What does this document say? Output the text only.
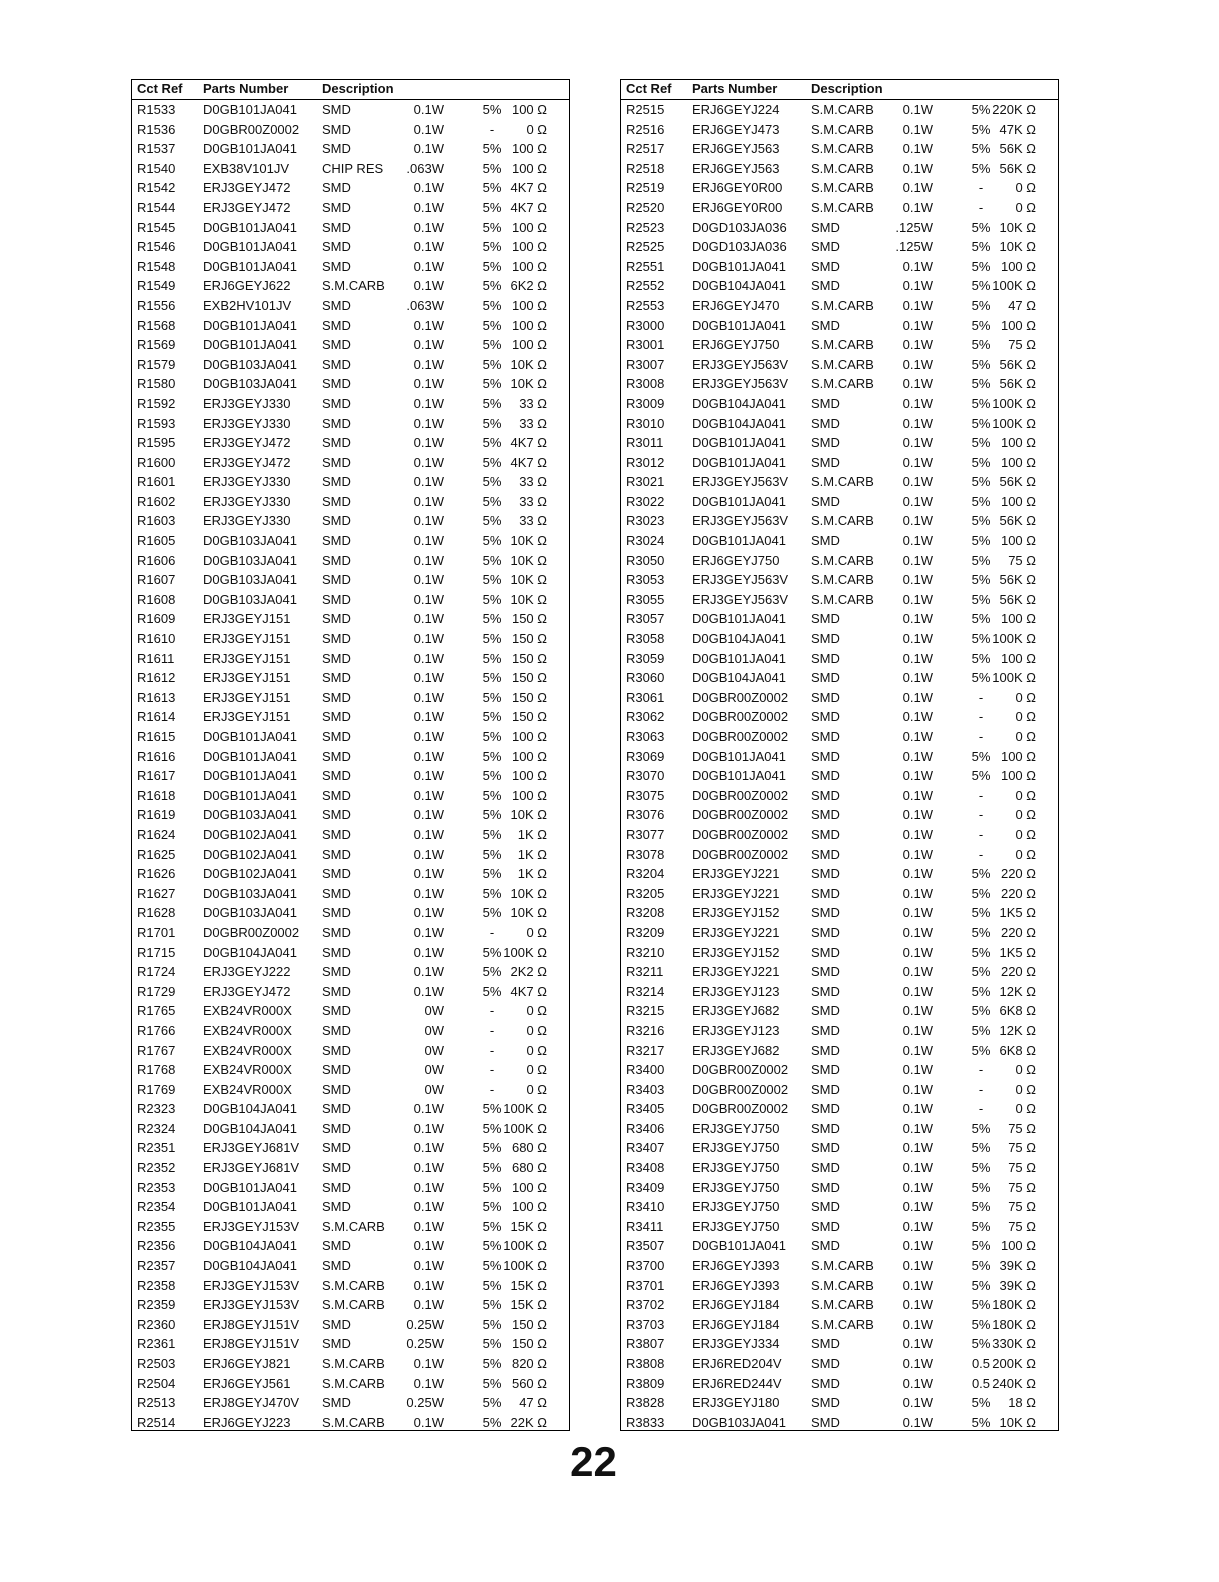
Cct Ref Parts Number	Description
R1533 D0GB101JA041 SMD	0.1W	5% 100 Ω
R1536 D0GBR00Z0002 SMD	0.1W	-	0 Ω
R1537 D0GB101JA041 SMD	0.1W	5% 100 Ω
R1540 EXB38V101JV	CHIP RES .063W	5% 100 Ω
R1542 ERJ3GEYJ472 SMD	0.1W	5% 4K7 Ω
R1544 ERJ3GEYJ472 SMD	0.1W	5% 4K7 Ω
R1545 D0GB101JA041 SMD	0.1W	5% 100 Ω
R1546 D0GB101JA041 SMD	0.1W	5% 100 Ω
R1548 D0GB101JA041 SMD	0.1W	5% 100 Ω
R1549 ERJ6GEYJ622 S.M.CARB 0.1W	5% 6K2 Ω
R1556 EXB2HV101JV SMD	.063W	5% 100 Ω
R1568 D0GB101JA041 SMD	0.1W	5% 100 Ω
R1569 D0GB101JA041 SMD	0.1W	5% 100 Ω
R1579 D0GB103JA041 SMD	0.1W	5% 10K Ω
R1580 D0GB103JA041 SMD	0.1W	5% 10K Ω
R1592 ERJ3GEYJ330 SMD	0.1W	5%	33 Ω
R1593 ERJ3GEYJ330 SMD	0.1W	5%	33 Ω
R1595 ERJ3GEYJ472 SMD	0.1W	5% 4K7 Ω
R1600 ERJ3GEYJ472 SMD	0.1W	5% 4K7 Ω
R1601 ERJ3GEYJ330 SMD	0.1W	5%	33 Ω
R1602 ERJ3GEYJ330 SMD	0.1W	5%	33 Ω
R1603 ERJ3GEYJ330 SMD	0.1W	5%	33 Ω
R1605 D0GB103JA041 SMD	0.1W	5% 10K Ω
R1606 D0GB103JA041 SMD	0.1W	5% 10K Ω
R1607 D0GB103JA041 SMD	0.1W	5% 10K Ω
R1608 D0GB103JA041 SMD	0.1W	5% 10K Ω
R1609 ERJ3GEYJ151 SMD	0.1W	5% 150 Ω
R1610 ERJ3GEYJ151 SMD	0.1W	5% 150 Ω
R1611 ERJ3GEYJ151 SMD	0.1W	5% 150 Ω
R1612 ERJ3GEYJ151 SMD	0.1W	5% 150 Ω
R1613 ERJ3GEYJ151 SMD	0.1W	5% 150 Ω
R1614 ERJ3GEYJ151 SMD	0.1W	5% 150 Ω
R1615 D0GB101JA041 SMD	0.1W	5% 100 Ω
R1616 D0GB101JA041 SMD	0.1W	5% 100 Ω
R1617 D0GB101JA041 SMD	0.1W	5% 100 Ω
R1618 D0GB101JA041 SMD	0.1W	5% 100 Ω
R1619 D0GB103JA041 SMD	0.1W	5% 10K Ω
R1624 D0GB102JA041 SMD	0.1W	5%	1K Ω
R1625 D0GB102JA041 SMD	0.1W	5%	1K Ω
R1626 D0GB102JA041 SMD	0.1W	5%	1K Ω
R1627 D0GB103JA041 SMD	0.1W	5% 10K Ω
R1628 D0GB103JA041 SMD	0.1W	5% 10K Ω
R1701 D0GBR00Z0002 SMD	0.1W	-	0 Ω
R1715 D0GB104JA041 SMD	0.1W	5% 100K Ω
R1724 ERJ3GEYJ222 SMD	0.1W	5% 2K2 Ω
R1729 ERJ3GEYJ472 SMD	0.1W	5% 4K7 Ω
R1765 EXB24VR000X SMD	0W	-	0 Ω
R1766 EXB24VR000X SMD	0W	-	0 Ω
R1767 EXB24VR000X SMD	0W	-	0 Ω
R1768 EXB24VR000X SMD	0W	-	0 Ω
R1769 EXB24VR000X SMD	0W	-	0 Ω
R2323 D0GB104JA041 SMD	0.1W	5% 100K Ω
R2324 D0GB104JA041 SMD	0.1W	5% 100K Ω
R2351 ERJ3GEYJ681V SMD	0.1W	5% 680 Ω
R2352 ERJ3GEYJ681V SMD	0.1W	5% 680 Ω
R2353 D0GB101JA041 SMD	0.1W	5% 100 Ω
R2354 D0GB101JA041 SMD	0.1W	5% 100 Ω
R2355 ERJ3GEYJ153V S.M.CARB 0.1W	5% 15K Ω
R2356 D0GB104JA041 SMD	0.1W	5% 100K Ω
R2357 D0GB104JA041 SMD	0.1W	5% 100K Ω
R2358 ERJ3GEYJ153V S.M.CARB 0.1W	5% 15K Ω
R2359 ERJ3GEYJ153V S.M.CARB 0.1W	5% 15K Ω
R2360 ERJ8GEYJ151V SMD	0.25W	5% 150 Ω
R2361 ERJ8GEYJ151V SMD	0.25W	5% 150 Ω
R2503 ERJ6GEYJ821 S.M.CARB 0.1W	5% 820 Ω
R2504 ERJ6GEYJ561 S.M.CARB 0.1W	5% 560 Ω
R2513 ERJ8GEYJ470V SMD	0.25W	5%	47 Ω
R2514 ERJ6GEYJ223 S.M.CARB 0.1W	5% 22K Ω
Cct Ref Parts Number	Description
R2515 ERJ6GEYJ224 S.M.CARB 0.1W	5% 220K Ω
R2516 ERJ6GEYJ473 S.M.CARB 0.1W	5% 47K Ω
R2517 ERJ6GEYJ563 S.M.CARB 0.1W	5% 56K Ω
R2518 ERJ6GEYJ563 S.M.CARB 0.1W	5% 56K Ω
R2519 ERJ6GEY0R00 S.M.CARB 0.1W	-	0 Ω
R2520 ERJ6GEY0R00 S.M.CARB 0.1W	-	0 Ω
R2523 D0GD103JA036 SMD	.125W	5% 10K Ω
R2525 D0GD103JA036 SMD	.125W	5% 10K Ω
R2551 D0GB101JA041 SMD	0.1W	5% 100 Ω
R2552 D0GB104JA041 SMD	0.1W	5% 100K Ω
R2553 ERJ6GEYJ470 S.M.CARB 0.1W	5%	47 Ω
R3000 D0GB101JA041 SMD	0.1W	5% 100 Ω
R3001 ERJ6GEYJ750 S.M.CARB 0.1W	5%	75 Ω
R3007 ERJ3GEYJ563V S.M.CARB 0.1W	5% 56K Ω
R3008 ERJ3GEYJ563V S.M.CARB 0.1W	5% 56K Ω
R3009 D0GB104JA041 SMD	0.1W	5% 100K Ω
R3010 D0GB104JA041 SMD	0.1W	5% 100K Ω
R3011 D0GB101JA041 SMD	0.1W	5% 100 Ω
R3012 D0GB101JA041 SMD	0.1W	5% 100 Ω
R3021 ERJ3GEYJ563V S.M.CARB 0.1W	5% 56K Ω
R3022 D0GB101JA041 SMD	0.1W	5% 100 Ω
R3023 ERJ3GEYJ563V S.M.CARB 0.1W	5% 56K Ω
R3024 D0GB101JA041 SMD	0.1W	5% 100 Ω
R3050 ERJ6GEYJ750 S.M.CARB 0.1W	5%	75 Ω
R3053 ERJ3GEYJ563V S.M.CARB 0.1W	5% 56K Ω
R3055 ERJ3GEYJ563V S.M.CARB 0.1W	5% 56K Ω
R3057 D0GB101JA041 SMD	0.1W	5% 100 Ω
R3058 D0GB104JA041 SMD	0.1W	5% 100K Ω
R3059 D0GB101JA041 SMD	0.1W	5% 100 Ω
R3060 D0GB104JA041 SMD	0.1W	5% 100K Ω
R3061 D0GBR00Z0002 SMD	0.1W	-	0 Ω
R3062 D0GBR00Z0002 SMD	0.1W	-	0 Ω
R3063 D0GBR00Z0002 SMD	0.1W	-	0 Ω
R3069 D0GB101JA041 SMD	0.1W	5% 100 Ω
R3070 D0GB101JA041 SMD	0.1W	5% 100 Ω
R3075 D0GBR00Z0002 SMD	0.1W	-	0 Ω
R3076 D0GBR00Z0002 SMD	0.1W	-	0 Ω
R3077 D0GBR00Z0002 SMD	0.1W	-	0 Ω
R3078 D0GBR00Z0002 SMD	0.1W	-	0 Ω
R3204 ERJ3GEYJ221 SMD	0.1W	5% 220 Ω
R3205 ERJ3GEYJ221 SMD	0.1W	5% 220 Ω
R3208 ERJ3GEYJ152 SMD	0.1W	5% 1K5 Ω
R3209 ERJ3GEYJ221 SMD	0.1W	5% 220 Ω
R3210 ERJ3GEYJ152 SMD	0.1W	5% 1K5 Ω
R3211 ERJ3GEYJ221 SMD	0.1W	5% 220 Ω
R3214 ERJ3GEYJ123 SMD	0.1W	5% 12K Ω
R3215 ERJ3GEYJ682 SMD	0.1W	5% 6K8 Ω
R3216 ERJ3GEYJ123 SMD	0.1W	5% 12K Ω
R3217 ERJ3GEYJ682 SMD	0.1W	5% 6K8 Ω
R3400 D0GBR00Z0002 SMD	0.1W	-	0 Ω
R3403 D0GBR00Z0002 SMD	0.1W	-	0 Ω
R3405 D0GBR00Z0002 SMD	0.1W	-	0 Ω
R3406 ERJ3GEYJ750 SMD	0.1W	5%	75 Ω
R3407 ERJ3GEYJ750 SMD	0.1W	5%	75 Ω
R3408 ERJ3GEYJ750 SMD	0.1W	5%	75 Ω
R3409 ERJ3GEYJ750 SMD	0.1W	5%	75 Ω
R3410 ERJ3GEYJ750 SMD	0.1W	5%	75 Ω
R3411 ERJ3GEYJ750 SMD	0.1W	5%	75 Ω
R3507 D0GB101JA041 SMD	0.1W	5% 100 Ω
R3700 ERJ6GEYJ393 S.M.CARB 0.1W	5% 39K Ω
R3701 ERJ6GEYJ393 S.M.CARB 0.1W	5% 39K Ω
R3702 ERJ6GEYJ184 S.M.CARB 0.1W	5% 180K Ω
R3703 ERJ6GEYJ184 S.M.CARB 0.1W	5% 180K Ω
R3807 ERJ3GEYJ334 SMD	0.1W	5% 330K Ω
R3808 ERJ6RED204V SMD	0.1W	0.5 200K Ω
R3809 ERJ6RED244V SMD	0.1W	0.5 240K Ω
R3828 ERJ3GEYJ180 SMD	0.1W	5%	18 Ω
R3833 D0GB103JA041 SMD	0.1W	5% 10K Ω
22
